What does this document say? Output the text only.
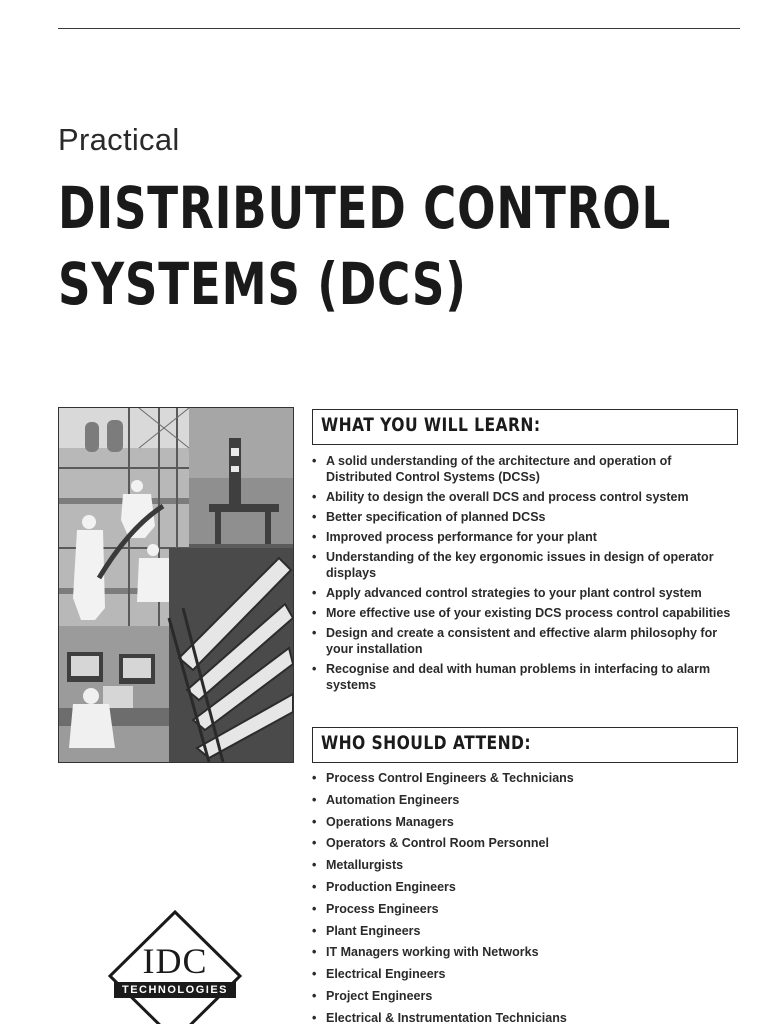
Practical
DISTRIBUTED CONTROL
SYSTEMS (DCS)
WHAT YOU WILL LEARN:
• A solid understanding of the architecture and operation of Distributed Control Systems (DCSs)
• Ability to design the overall DCS and process control system
• Better specification of planned DCSs
• Improved process performance for your plant
• Understanding of the key ergonomic issues in design of operator displays
• Apply advanced control strategies to your plant control system
• More effective use of your existing DCS process control capabilities
• Design and create a consistent and effective alarm philosophy for your installation
• Recognise and deal with human problems in interfacing to alarm systems
WHO SHOULD ATTEND:
• Process Control Engineers & Technicians
• Automation Engineers
• Operations Managers
• Operators & Control Room Personnel
• Metallurgists
• Production Engineers
• Process Engineers
• Plant Engineers
• IT Managers working with Networks
• Electrical Engineers
• Project Engineers
• Electrical & Instrumentation Technicians
IDC
TECHNOLOGIES
